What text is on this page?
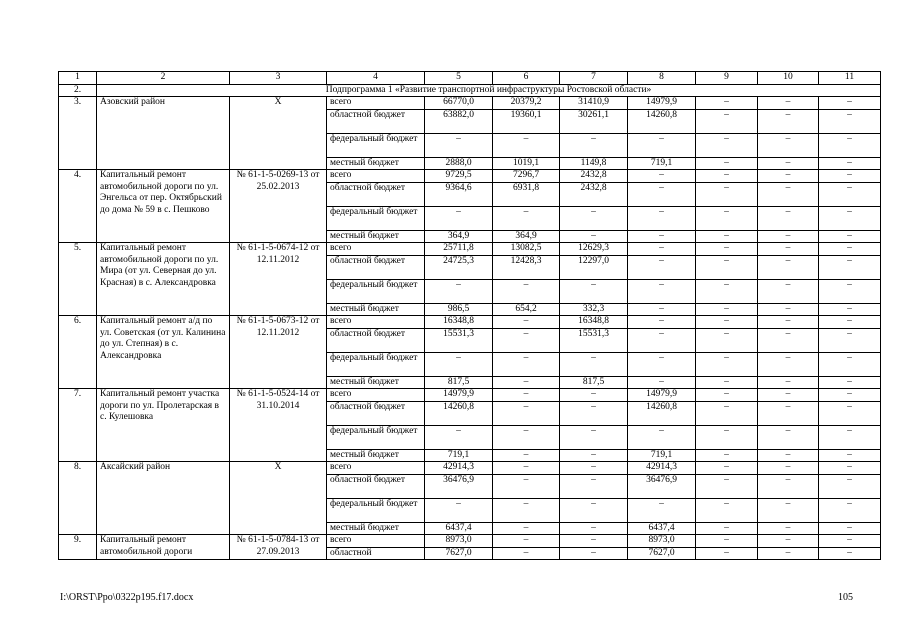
1	2	3	4	5	6	7	8	9	10	11
2.	Подпрограмма 1 «Развитие транспортной инфраструктуры Ростовской области»									
3.	Азовский район	Х	всего	66770,0	20379,2	31410,9	14979,9	–	–	–
			областной бюджет	63882,0	19360,1	30261,1	14260,8	–	–	–
			федеральный бюджет	–	–	–	–	–	–	–
			местный бюджет	2888,0	1019,1	1149,8	719,1	–	–	–
4.	Капитальный ремонт автомобильной дороги по ул. Энгельса от пер. Октябрьский до дома № 59 в с. Пешково	№ 61-1-5-0269-13 от 25.02.2013	всего	9729,5	7296,7	2432,8	–	–	–	–
			областной бюджет	9364,6	6931,8	2432,8	–	–	–	–
			федеральный бюджет	–	–	–	–	–	–	–
			местный бюджет	364,9	364,9	–	–	–	–	–
5.	Капитальный ремонт автомобильной дороги по ул. Мира (от ул. Северная до ул. Красная) в с. Александровка	№ 61-1-5-0674-12 от 12.11.2012	всего	25711,8	13082,5	12629,3	–	–	–	–
			областной бюджет	24725,3	12428,3	12297,0	–	–	–	–
			федеральный бюджет	–	–	–	–	–	–	–
			местный бюджет	986,5	654,2	332,3	–	–	–	–
6.	Капитальный ремонт а/д по ул. Советская (от ул. Калинина до ул. Степная) в с. Александровка	№ 61-1-5-0673-12 от 12.11.2012	всего	16348,8	–	16348,8	–	–	–	–
			областной бюджет	15531,3	–	15531,3	–	–	–	–
			федеральный бюджет	–	–	–	–	–	–	–
			местный бюджет	817,5	–	817,5	–	–	–	–
7.	Капитальный ремонт участка дороги по ул. Пролетарская в с. Кулешовка	№ 61-1-5-0524-14 от 31.10.2014	всего	14979,9	–	–	14979,9	–	–	–
			областной бюджет	14260,8	–	–	14260,8	–	–	–
			федеральный бюджет	–	–	–	–	–	–	–
			местный бюджет	719,1	–	–	719,1	–	–	–
8.	Аксайский район	Х	всего	42914,3	–	–	42914,3	–	–	–
			областной бюджет	36476,9	–	–	36476,9	–	–	–
			федеральный бюджет	–	–	–	–	–	–	–
			местный бюджет	6437,4	–	–	6437,4	–	–	–
9.	Капитальный ремонт автомобильной дороги	№ 61-1-5-0784-13 от 27.09.2013	всего	8973,0	–	–	8973,0	–	–	–
			областной	7627,0	–	–	7627,0	–	–	–
I:\ORST\Ppo\0322p195.f17.docx	105
